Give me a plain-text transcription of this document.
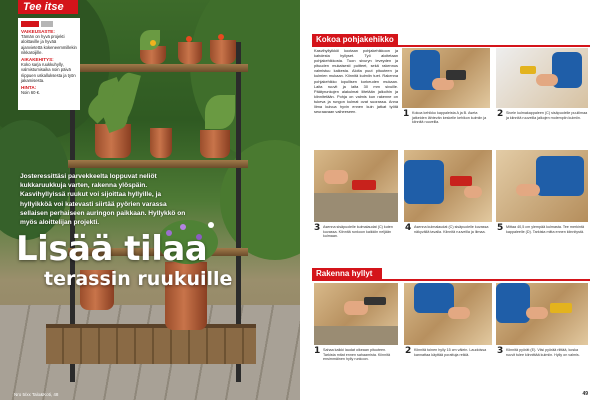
Tee itse
VAIKEUSASTE:
Tämän on hyvä projekti aloittaville ja hyvää ajanvietettä kokeneemmillekin nikkaroijille.
AIKAKEHITYS:
Koko sarja ruukkuhylly, valmistumisaika noin päivä riippuen uskalluksesta ja työn jakamisesta.
HINTA:
Noin 60 €.
Josteressittäsi parvekkeelta loppuvat neliöt kukkaruukkuja varten, rakenna ylöspäin. Kasvihyllyissä ruukut voi sijoittaa hyllyille, ja hyllyikköä voi katevasti siirtää pyörien varassa sellaisen perhaiseen auringon paikkaan. Hyllykkö on myös aloittelijan projekti.
Lisää tilaa
terassin ruukuille
Nro 5/xx Talo&Koti, 48
Kokoa pohjakehikko
Kasvihyllyikköi kootaan pohjakehikkoon ja kahdesta hyllyset. Työ aloitetaan pohjakehikkosta. Tuon sivuryn leveyden ja pituuden mukaisesti puitteet, sekä rakennus valmistuu kaikesta. Aloita puut pituuteen ja kulmien mukaan. Kiinnitä kulmiin tuet. Rakenna pohjakehikko lopullisen korkeuden mukaan. Laita ruuvit ja laita 30 mm sivuille. Päätyrunkojen alakulmat liitetään jalkoihin ja kiinnitetään. Pohja on valmis kun rakenne on tukeva ja rungon kulmat ovat suorassa. Anna liima kuivua hyvin ennen kuin jatkat työtä seuraavaan vaiheeseen.	1 Kokoa kehikko kappaleista A ja B. Aseta jatkeiden lähtevän keskelle kehikon kulmiin ja kiinnitä ruuveilla.
2 Sivele kulmakappaleen (C) sisäpuolelle puuliimaa ja kiinnitä ruuveilla jalkojen molempiin kulmiin.
3 Asenna sisäpuolelle kulmalaudat (C) kuten kuvassa. Kiinnitä runkoon kaikkiin neljään kulmaan.
4 Asenna kulmalaudat (C) sisäpuolelle kuvassa näkyvällä tavalla. Kiinnitä ruuveilla ja liimaa.	5 Mittaa 40,5 cm ylempää kulmasta. Tee merkintä kappaleelle (D). Tarkista mitta ennen kiinnitystä.
Rakenna hyllyt
1 Sahaa kaikki laudat oikeaan pituuteen. Tarkista mitat ennen sahaamista. Kiinnitä ensimmäinen hylly runkoon.
2 Kiinnitä toinen hylly 15 cm välein. Laudoissa kannattaa käyttää porattuja reikiä.	3 Kiinnitä pyörät (E). Viisi pyörää riittää, koska ruuvit tulee kiinnittää kulmiin. Hylly on valmis.
49
